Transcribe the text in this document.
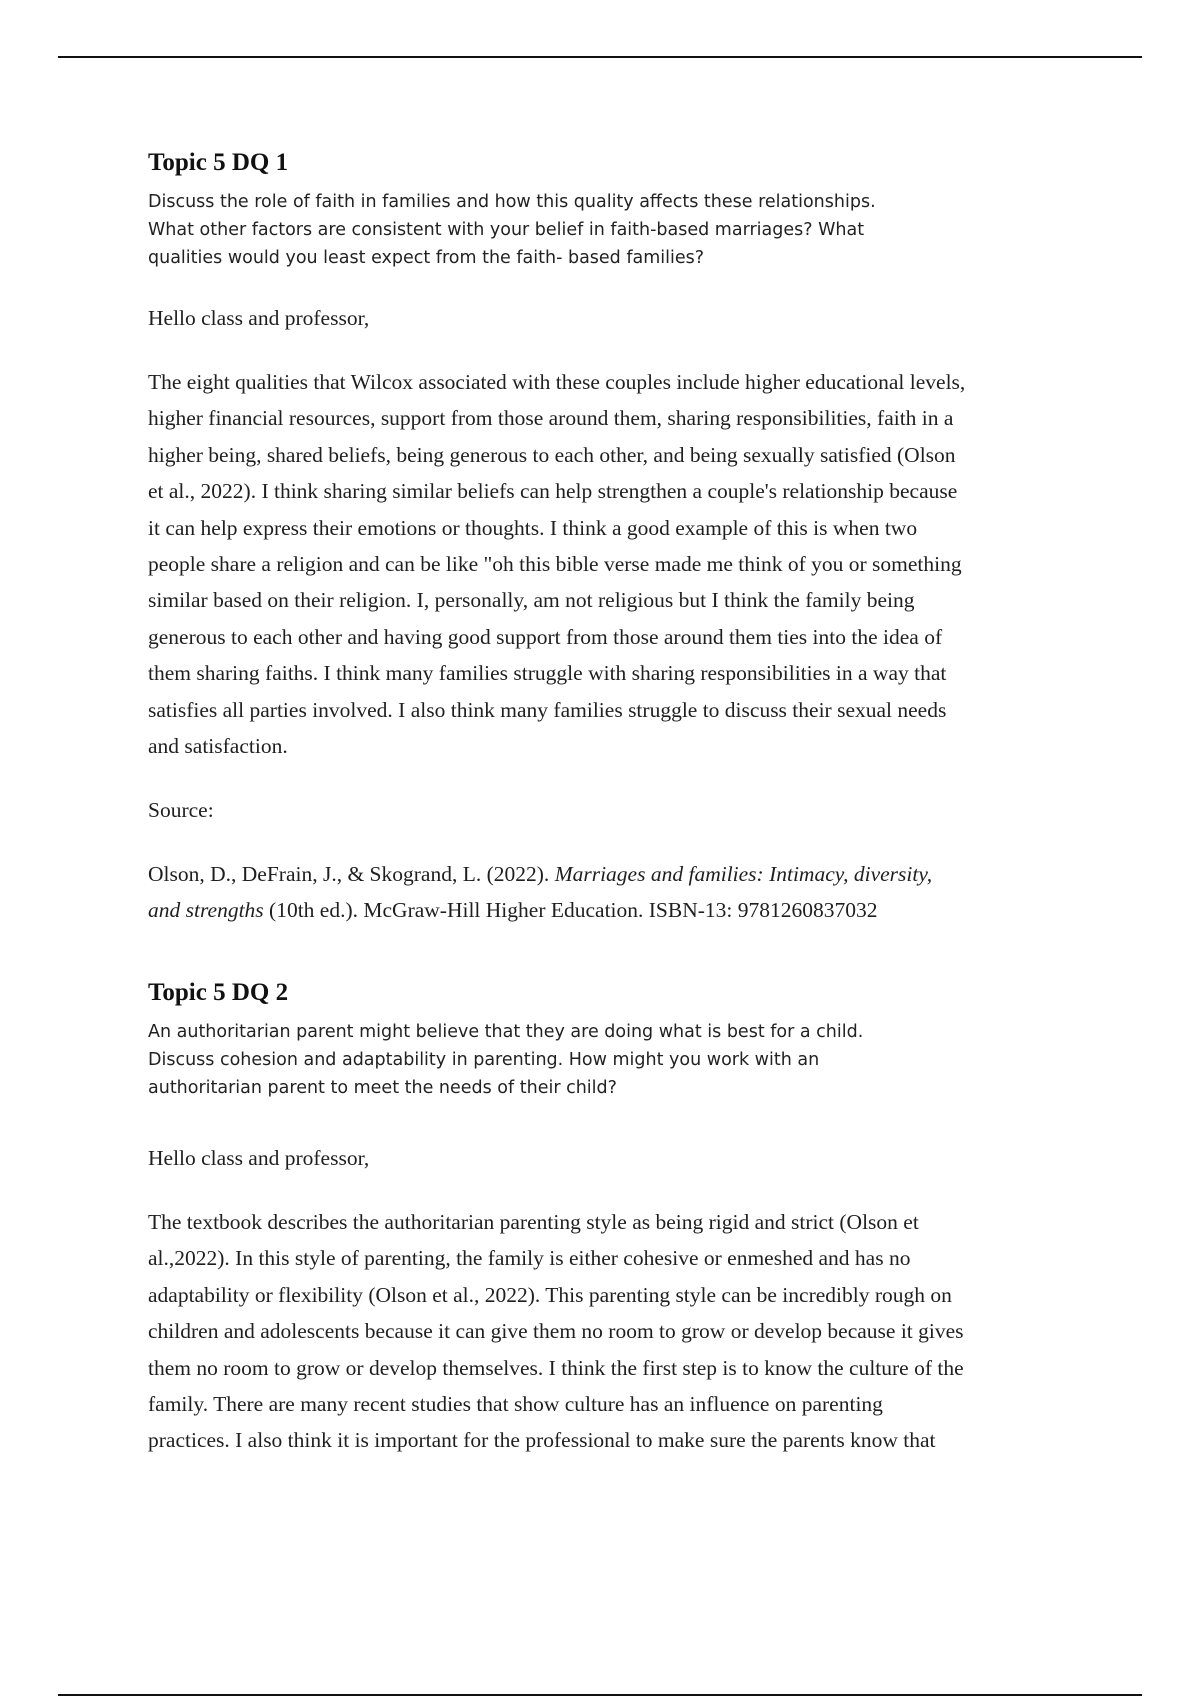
Topic 5 DQ 1
Discuss the role of faith in families and how this quality affects these relationships.
What other factors are consistent with your belief in faith-based marriages? What
qualities would you least expect from the faith- based families?

Hello class and professor,

The eight qualities that Wilcox associated with these couples include higher educational levels,
higher financial resources, support from those around them, sharing responsibilities, faith in a
higher being, shared beliefs, being generous to each other, and being sexually satisfied (Olson
et al., 2022). I think sharing similar beliefs can help strengthen a couple's relationship because
it can help express their emotions or thoughts. I think a good example of this is when two
people share a religion and can be like "oh this bible verse made me think of you or something
similar based on their religion. I, personally, am not religious but I think the family being
generous to each other and having good support from those around them ties into the idea of
them sharing faiths. I think many families struggle with sharing responsibilities in a way that
satisfies all parties involved. I also think many families struggle to discuss their sexual needs
and satisfaction.

Source:

Olson, D., DeFrain, J., & Skogrand, L. (2022). Marriages and families: Intimacy, diversity,
and strengths (10th ed.). McGraw-Hill Higher Education. ISBN-13: 9781260837032
Topic 5 DQ 2
An authoritarian parent might believe that they are doing what is best for a child.
Discuss cohesion and adaptability in parenting. How might you work with an
authoritarian parent to meet the needs of their child?

Hello class and professor,

The textbook describes the authoritarian parenting style as being rigid and strict (Olson et
al.,2022). In this style of parenting, the family is either cohesive or enmeshed and has no
adaptability or flexibility (Olson et al., 2022). This parenting style can be incredibly rough on
children and adolescents because it can give them no room to grow or develop because it gives
them no room to grow or develop themselves. I think the first step is to know the culture of the
family. There are many recent studies that show culture has an influence on parenting
practices. I also think it is important for the professional to make sure the parents know that
